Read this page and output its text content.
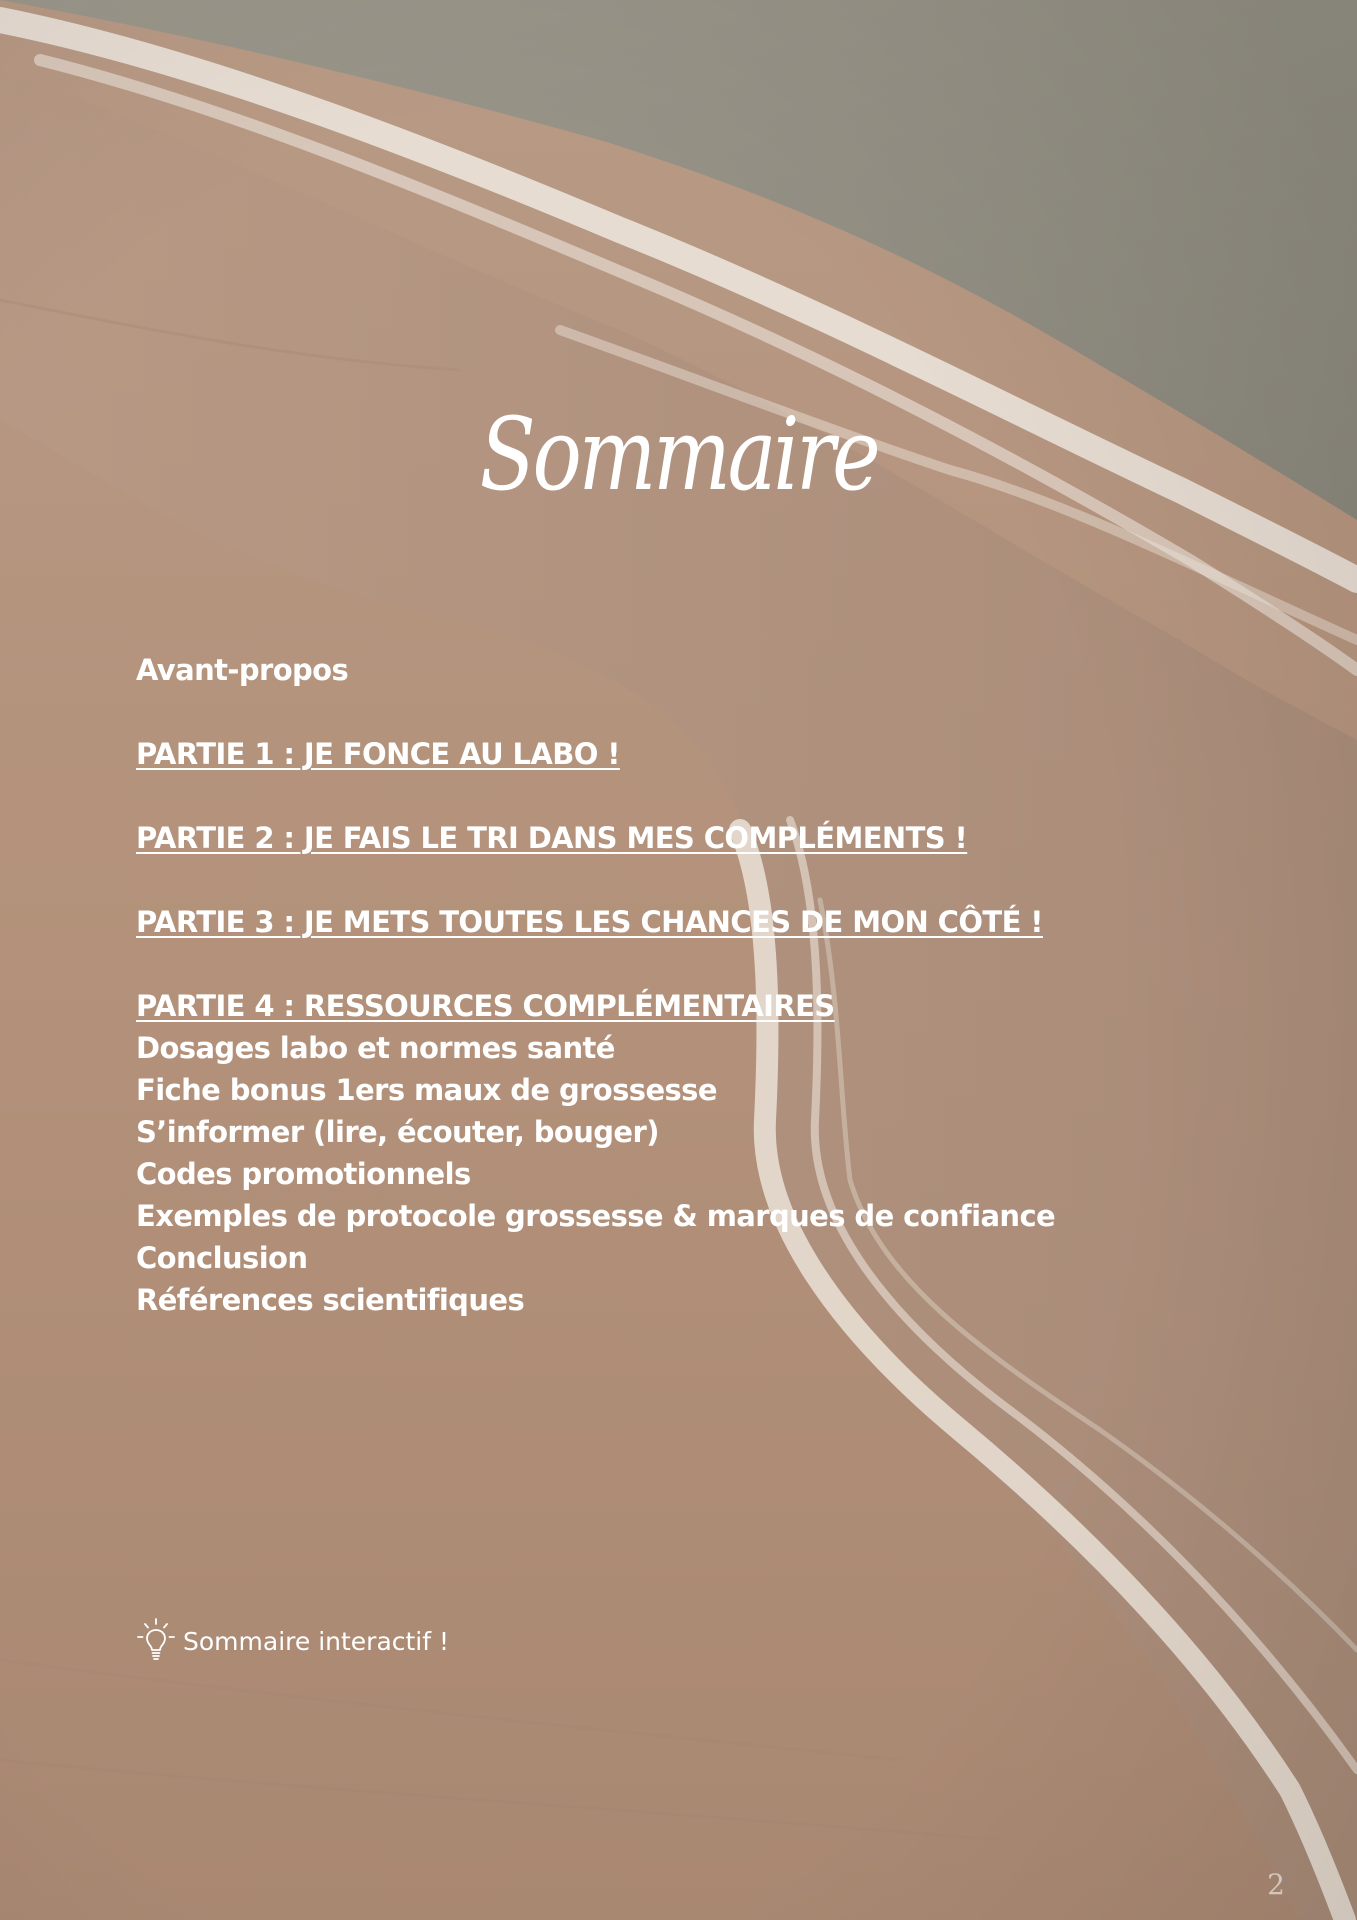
Sommaire
Avant-propos
PARTIE 1 : JE FONCE AU LABO !
PARTIE 2 : JE FAIS LE TRI DANS MES COMPLÉMENTS !
PARTIE 3 : JE METS TOUTES LES CHANCES DE MON CÔTÉ !
PARTIE 4 : RESSOURCES COMPLÉMENTAIRES
Dosages labo et normes santé
Fiche bonus 1ers maux de grossesse
S’informer (lire, écouter, bouger)
Codes promotionnels
Exemples de protocole grossesse & marques de confiance
Conclusion
Références scientifiques
Sommaire interactif !
2
